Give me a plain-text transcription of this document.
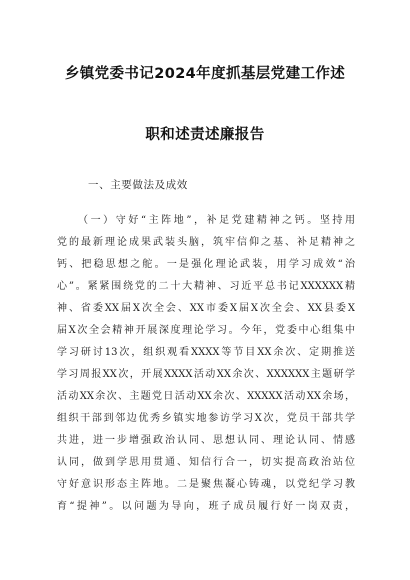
乡镇党委书记2024年度抓基层党建工作述
职和述责述廉报告
一、主要做法及成效
（一）守好“主阵地”，补足党建精神之钙。坚持用
党的最新理论成果武装头脑，筑牢信仰之基、补足精神之
钙、把稳思想之舵。一是强化理论武装，用学习成效“治
心”。紧紧围绕党的二十大精神、习近平总书记XXXXXX精
神、省委XX届X次全会、XX市委X届X次全会、XX县委X
届X次全会精神开展深度理论学习。今年，党委中心组集中
学习研讨13次，组织观看XXXX等节目XX余次、定期推送
学习周报XX次，开展XXXX活动XX余次、XXXXXX主题研学
活动XX余次、主题党日活动XX余次、XXXXX活动XX余场，
组织干部到邻边优秀乡镇实地参访学习X次，党员干部共学
共进，进一步增强政治认同、思想认同、理论认同、情感
认同，做到学思用贯通、知信行合一，切实提高政治站位
守好意识形态主阵地。二是聚焦凝心铸魂，以党纪学习教
育“提神”。以问题为导向，班子成员履行好一岗双责，
